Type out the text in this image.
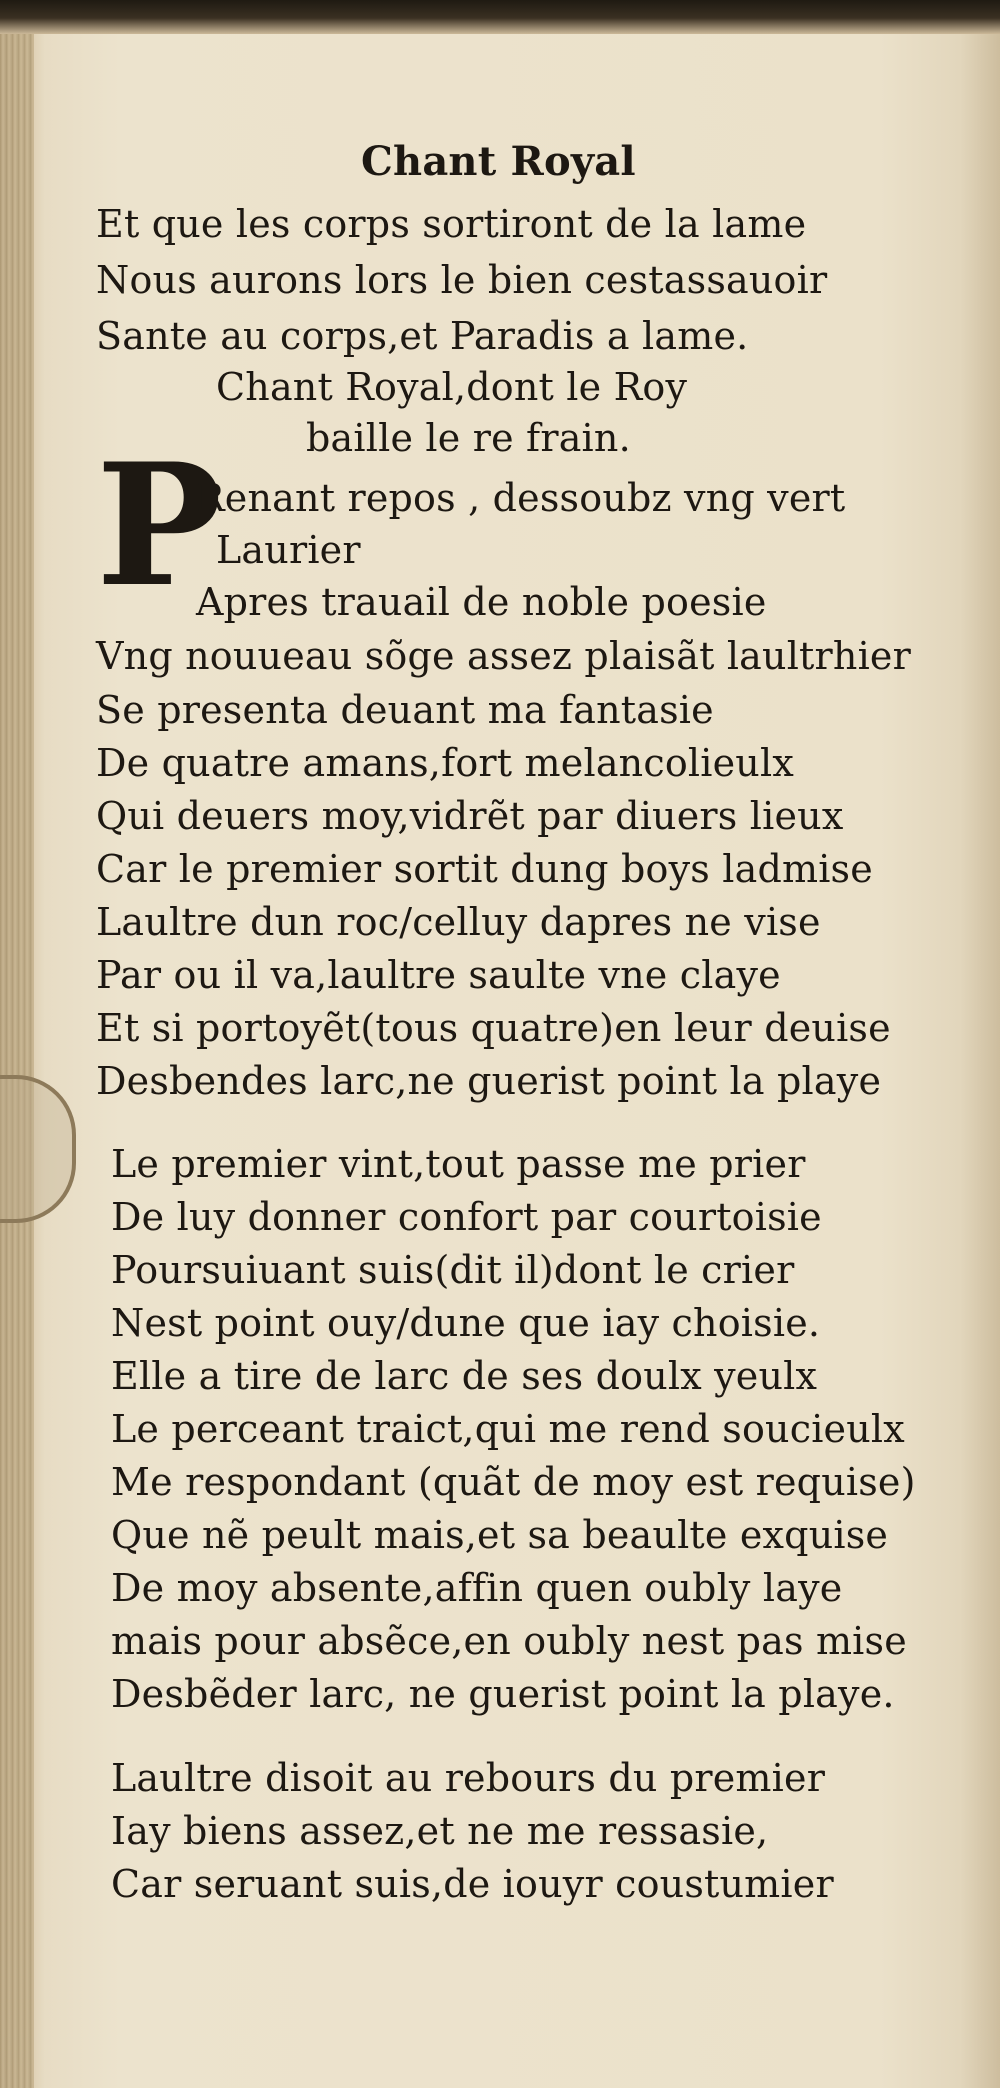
Chant Royal
Et que les corps sortiront de la lame
Nous aurons lors le bien cestassauoir
Sante au corps,et Paradis a lame.
Chant Royal,dont le Roy
baille le re frain.
P
Renant repos , dessoubz vng vert
Laurier
Apres trauail de noble poesie
Vng nouueau sõge assez plaisãt laultrhier
Se presenta deuant ma fantasie
De quatre amans,fort melancolieulx
Qui deuers moy,vidrẽt par diuers lieux
Car le premier sortit dung boys ladmise
Laultre dun roc/celluy dapres ne vise
Par ou il va,laultre saulte vne claye
Et si portoyẽt(tous quatre)en leur deuise
Desbendes larc,ne guerist point la playe
Le premier vint,tout passe me prier
De luy donner confort par courtoisie
Poursuiuant suis(dit il)dont le crier
Nest point ouy/dune que iay choisie.
Elle a tire de larc de ses doulx yeulx
Le perceant traict,qui me rend soucieulx
Me respondant (quãt de moy est requise)
Que nẽ peult mais,et sa beaulte exquise
De moy absente,affin quen oubly laye
mais pour absẽce,en oubly nest pas mise
Desbẽder larc, ne guerist point la playe.
Laultre disoit au rebours du premier
Iay biens assez,et ne me ressasie,
Car seruant suis,de iouyr coustumier
